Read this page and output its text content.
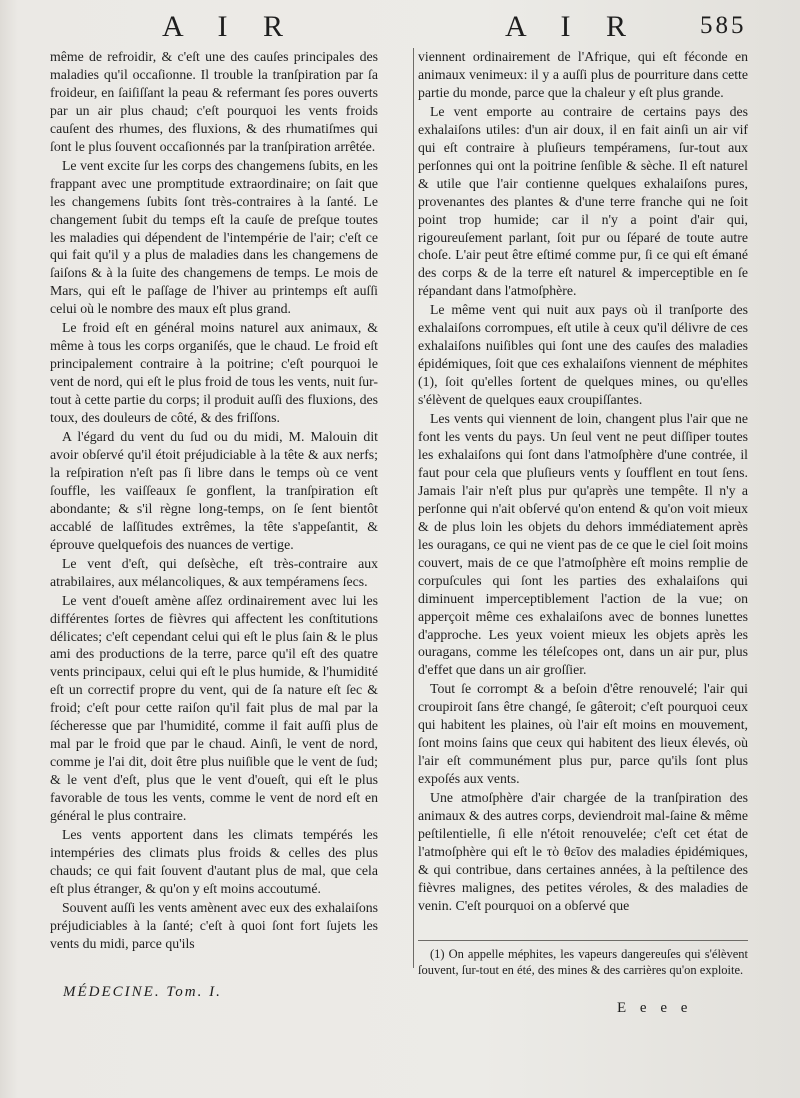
A I R	A I R 585

même de refroidir, & c'eſt une des cauſes principales des maladies qu'il occaſionne. Il trouble la tranſpiration par ſa froideur, en ſaiſiſſant la peau & refermant ſes pores ouverts par un air plus chaud; c'eſt pourquoi les vents froids cauſent des rhumes, des fluxions, & des rhumatiſmes qui ſont le plus ſouvent occaſionnés par la tranſpiration arrêtée.

Le vent excite ſur les corps des changemens ſubits, en les frappant avec une promptitude extraordinaire; on ſait que les changemens ſubits ſont très-contraires à la ſanté. Le changement ſubit du temps eſt la cauſe de preſque toutes les maladies qui dépendent de l'intempérie de l'air; c'eſt ce qui fait qu'il y a plus de maladies dans les changemens de ſaiſons & à la ſuite des changemens de temps. Le mois de Mars, qui eſt le paſſage de l'hiver au printemps eſt auſſi celui où le nombre des maux eſt plus grand.

Le froid eſt en général moins naturel aux animaux, & même à tous les corps organiſés, que le chaud. Le froid eſt principalement contraire à la poitrine; c'eſt pourquoi le vent de nord, qui eſt le plus froid de tous les vents, nuit ſur-tout à cette partie du corps; il produit auſſi des fluxions, des toux, des douleurs de côté, & des friſſons.

A l'égard du vent du ſud ou du midi, M. Malouin dit avoir obſervé qu'il étoit préjudiciable à la tête & aux nerfs; la reſpiration n'eſt pas ſi libre dans le temps où ce vent ſouffle, les vaiſſeaux ſe gonflent, la tranſpiration eſt abondante; & s'il règne long-temps, on ſe ſent bientôt accablé de laſſitudes extrêmes, la tête s'appeſantit, & éprouve quelquefois des nuances de vertige.

Le vent d'eſt, qui deſsèche, eſt très-contraire aux atrabilaires, aux mélancoliques, & aux tempéramens ſecs.

Le vent d'oueſt amène aſſez ordinairement avec lui les différentes ſortes de fièvres qui affectent les conſtitutions délicates; c'eſt cependant celui qui eſt le plus ſain & le plus ami des productions de la terre, parce qu'il eſt des quatre vents principaux, celui qui eſt le plus humide, & l'humidité eſt un correctif propre du vent, qui de ſa nature eſt ſec & froid; c'eſt pour cette raiſon qu'il fait plus de mal par la ſécheresse que par l'humidité, comme il fait auſſi plus de mal par le froid que par le chaud. Ainſi, le vent de nord, comme je l'ai dit, doit être plus nuiſible que le vent de ſud; & le vent d'eſt, plus que le vent d'oueſt, qui eſt le plus favorable de tous les vents, comme le vent de nord eſt en général le plus contraire.

Les vents apportent dans les climats tempérés les intempéries des climats plus froids & celles des plus chauds; ce qui fait ſouvent d'autant plus de mal, que cela eſt plus étranger, & qu'on y eſt moins accoutumé.

Souvent auſſi les vents amènent avec eux des exhalaiſons préjudiciables à la ſanté; c'eſt à quoi ſont fort ſujets les vents du midi, parce qu'ils

viennent ordinairement de l'Afrique, qui eſt féconde en animaux venimeux: il y a auſſi plus de pourriture dans cette partie du monde, parce que la chaleur y eſt plus grande.

Le vent emporte au contraire de certains pays des exhalaiſons utiles: d'un air doux, il en fait ainſi un air vif qui eſt contraire à pluſieurs tempéramens, ſur-tout aux perſonnes qui ont la poitrine ſenſible & sèche. Il eſt naturel & utile que l'air contienne quelques exhalaiſons pures, provenantes des plantes & d'une terre franche qui ne ſoit point trop humide; car il n'y a point d'air qui, rigoureuſement parlant, ſoit pur ou ſéparé de toute autre choſe. L'air peut être eſtimé comme pur, ſi ce qui eſt émané des corps & de la terre eſt naturel & imperceptible en ſe répandant dans l'atmoſphère.

Le même vent qui nuit aux pays où il tranſporte des exhalaiſons corrompues, eſt utile à ceux qu'il délivre de ces exhalaiſons nuiſibles qui ſont une des cauſes des maladies épidémiques, ſoit que ces exhalaiſons viennent de méphites (1), ſoit qu'elles ſortent de quelques mines, ou qu'elles s'élèvent de quelques eaux croupiſſantes.

Les vents qui viennent de loin, changent plus l'air que ne font les vents du pays. Un ſeul vent ne peut diſſiper toutes les exhalaiſons qui ſont dans l'atmoſphère d'une contrée, il faut pour cela que pluſieurs vents y ſoufflent en tout ſens. Jamais l'air n'eſt plus pur qu'après une tempête. Il n'y a perſonne qui n'ait obſervé qu'on entend & qu'on voit mieux & de plus loin les objets du dehors immédiatement après les ouragans, ce qui ne vient pas de ce que le ciel ſoit moins couvert, mais de ce que l'atmoſphère eſt moins remplie de corpuſcules qui ſont les parties des exhalaiſons qui diminuent imperceptiblement l'action de la vue; on apperçoit même ces exhalaiſons avec de bonnes lunettes d'approche. Les yeux voient mieux les objets après les ouragans, comme les téleſcopes ont, dans un air pur, plus d'effet que dans un air groſſier.

Tout ſe corrompt & a beſoin d'être renouvelé; l'air qui croupiroit ſans être changé, ſe gâteroit; c'eſt pourquoi ceux qui habitent les plaines, où l'air eſt moins en mouvement, ſont moins ſains que ceux qui habitent des lieux élevés, où l'air eſt communément plus pur, parce qu'ils ſont plus expoſés aux vents.

Une atmoſphère d'air chargée de la tranſpiration des animaux & des autres corps, deviendroit mal-ſaine & même peſtilentielle, ſi elle n'étoit renouvelée; c'eſt cet état de l'atmoſphère qui eſt le τὸ θεῖον des maladies épidémiques, & qui contribue, dans certaines années, à la peſtilence des fièvres malignes, des petites véroles, & des maladies de venin. C'eſt pourquoi on a obſervé que

(1) On appelle méphites, les vapeurs dangereuſes qui s'élèvent ſouvent, ſur-tout en été, des mines & des carrières qu'on exploite.

MÉDECINE. Tom. I.
E e e e
